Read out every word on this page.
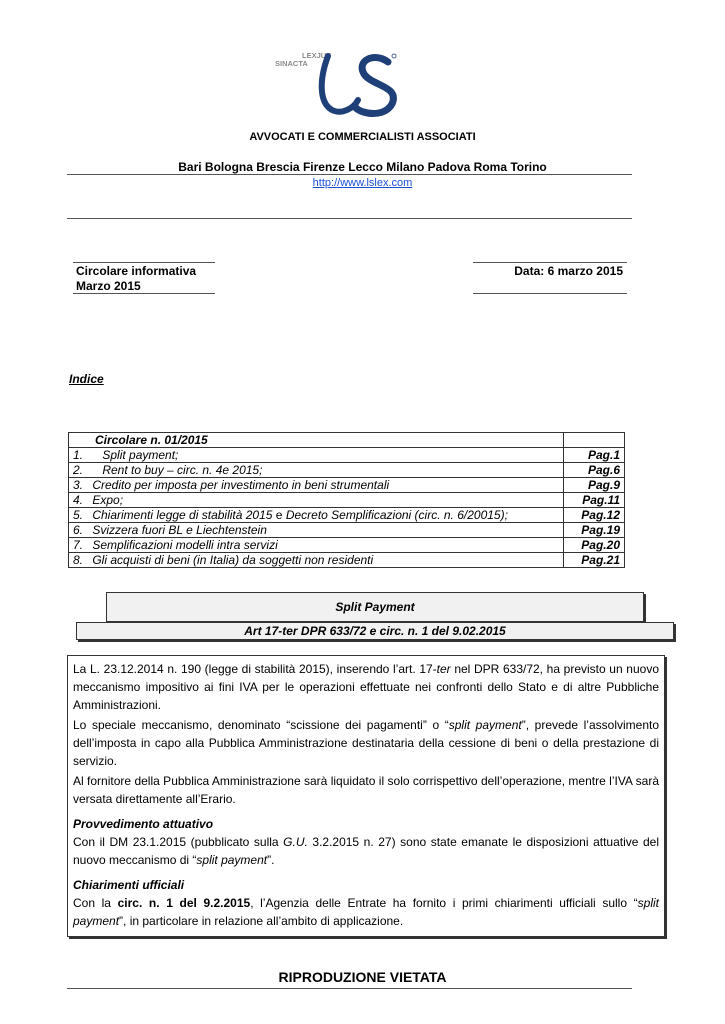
LEXJUS
SINACTA
AVVOCATI E COMMERCIALISTI ASSOCIATI
Bari Bologna Brescia Firenze Lecco Milano Padova Roma Torino
http://www.lslex.com
Circolare informativa
Marzo 2015
Data: 6 marzo 2015
Indice
Circolare n. 01/2015	
1. Split payment;	Pag.1
2. Rent to buy – circ. n. 4e 2015;	Pag.6
3. Credito per imposta per investimento in beni strumentali	Pag.9
4. Expo;	Pag.11
5. Chiarimenti legge di stabilità 2015 e Decreto Semplificazioni (circ. n. 6/20015);	Pag.12
6. Svizzera fuori BL e Liechtenstein	Pag.19
7. Semplificazioni modelli intra servizi	Pag.20
8. Gli acquisti di beni (in Italia) da soggetti non residenti	Pag.21
Split Payment
Art 17-ter DPR 633/72 e circ. n. 1 del 9.02.2015

La L. 23.12.2014 n. 190 (legge di stabilità 2015), inserendo l’art. 17-ter nel DPR 633/72, ha previsto un nuovo meccanismo impositivo ai fini IVA per le operazioni effettuate nei confronti dello Stato e di altre Pubbliche Amministrazioni.

Lo speciale meccanismo, denominato “scissione dei pagamenti” o “split payment”, prevede l’assolvimento dell’imposta in capo alla Pubblica Amministrazione destinataria della cessione di beni o della prestazione di servizio.

Al fornitore della Pubblica Amministrazione sarà liquidato il solo corrispettivo dell’operazione, mentre l’IVA sarà versata direttamente all’Erario.

Provvedimento attuativo

Con il DM 23.1.2015 (pubblicato sulla G.U. 3.2.2015 n. 27) sono state emanate le disposizioni attuative del nuovo meccanismo di “split payment”.

Chiarimenti ufficiali

Con la circ. n. 1 del 9.2.2015, l’Agenzia delle Entrate ha fornito i primi chiarimenti ufficiali sullo “split payment”, in particolare in relazione all’ambito di applicazione.

RIPRODUZIONE VIETATA
